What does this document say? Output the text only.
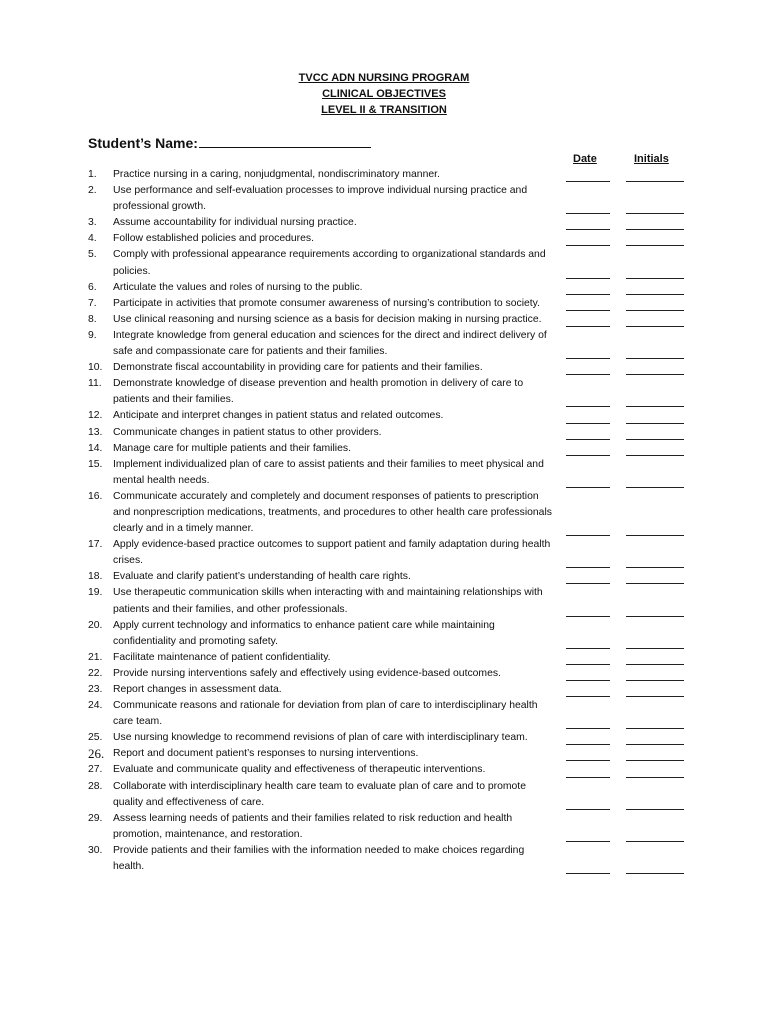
TVCC ADN NURSING PROGRAM
CLINICAL OBJECTIVES
LEVEL II & TRANSITION
Student’s Name:
Date	Initials
1. Practice nursing in a caring, nonjudgmental, nondiscriminatory manner.
2. Use performance and self-evaluation processes to improve individual nursing practice and professional growth.
3. Assume accountability for individual nursing practice.
4. Follow established policies and procedures.
5. Comply with professional appearance requirements according to organizational standards and policies.
6. Articulate the values and roles of nursing to the public.
7. Participate in activities that promote consumer awareness of nursing’s contribution to society.
8. Use clinical reasoning and nursing science as a basis for decision making in nursing practice.
9. Integrate knowledge from general education and sciences for the direct and indirect delivery of safe and compassionate care for patients and their families.
10. Demonstrate fiscal accountability in providing care for patients and their families.
11. Demonstrate knowledge of disease prevention and health promotion in delivery of care to patients and their families.
12. Anticipate and interpret changes in patient status and related outcomes.
13. Communicate changes in patient status to other providers.
14. Manage care for multiple patients and their families.
15. Implement individualized plan of care to assist patients and their families to meet physical and mental health needs.
16. Communicate accurately and completely and document responses of patients to prescription and nonprescription medications, treatments, and procedures to other health care professionals clearly and in a timely manner.
17. Apply evidence-based practice outcomes to support patient and family adaptation during health crises.
18. Evaluate and clarify patient’s understanding of health care rights.
19. Use therapeutic communication skills when interacting with and maintaining relationships with patients and their families, and other professionals.
20. Apply current technology and informatics to enhance patient care while maintaining confidentiality and promoting safety.
21. Facilitate maintenance of patient confidentiality.
22. Provide nursing interventions safely and effectively using evidence-based outcomes.
23. Report changes in assessment data.
24. Communicate reasons and rationale for deviation from plan of care to interdisciplinary health care team.
25. Use nursing knowledge to recommend revisions of plan of care with interdisciplinary team.
26. Report and document patient’s responses to nursing interventions.
27. Evaluate and communicate quality and effectiveness of therapeutic interventions.
28. Collaborate with interdisciplinary health care team to evaluate plan of care and to promote quality and effectiveness of care.
29. Assess learning needs of patients and their families related to risk reduction and health promotion, maintenance, and restoration.
30. Provide patients and their families with the information needed to make choices regarding health.
